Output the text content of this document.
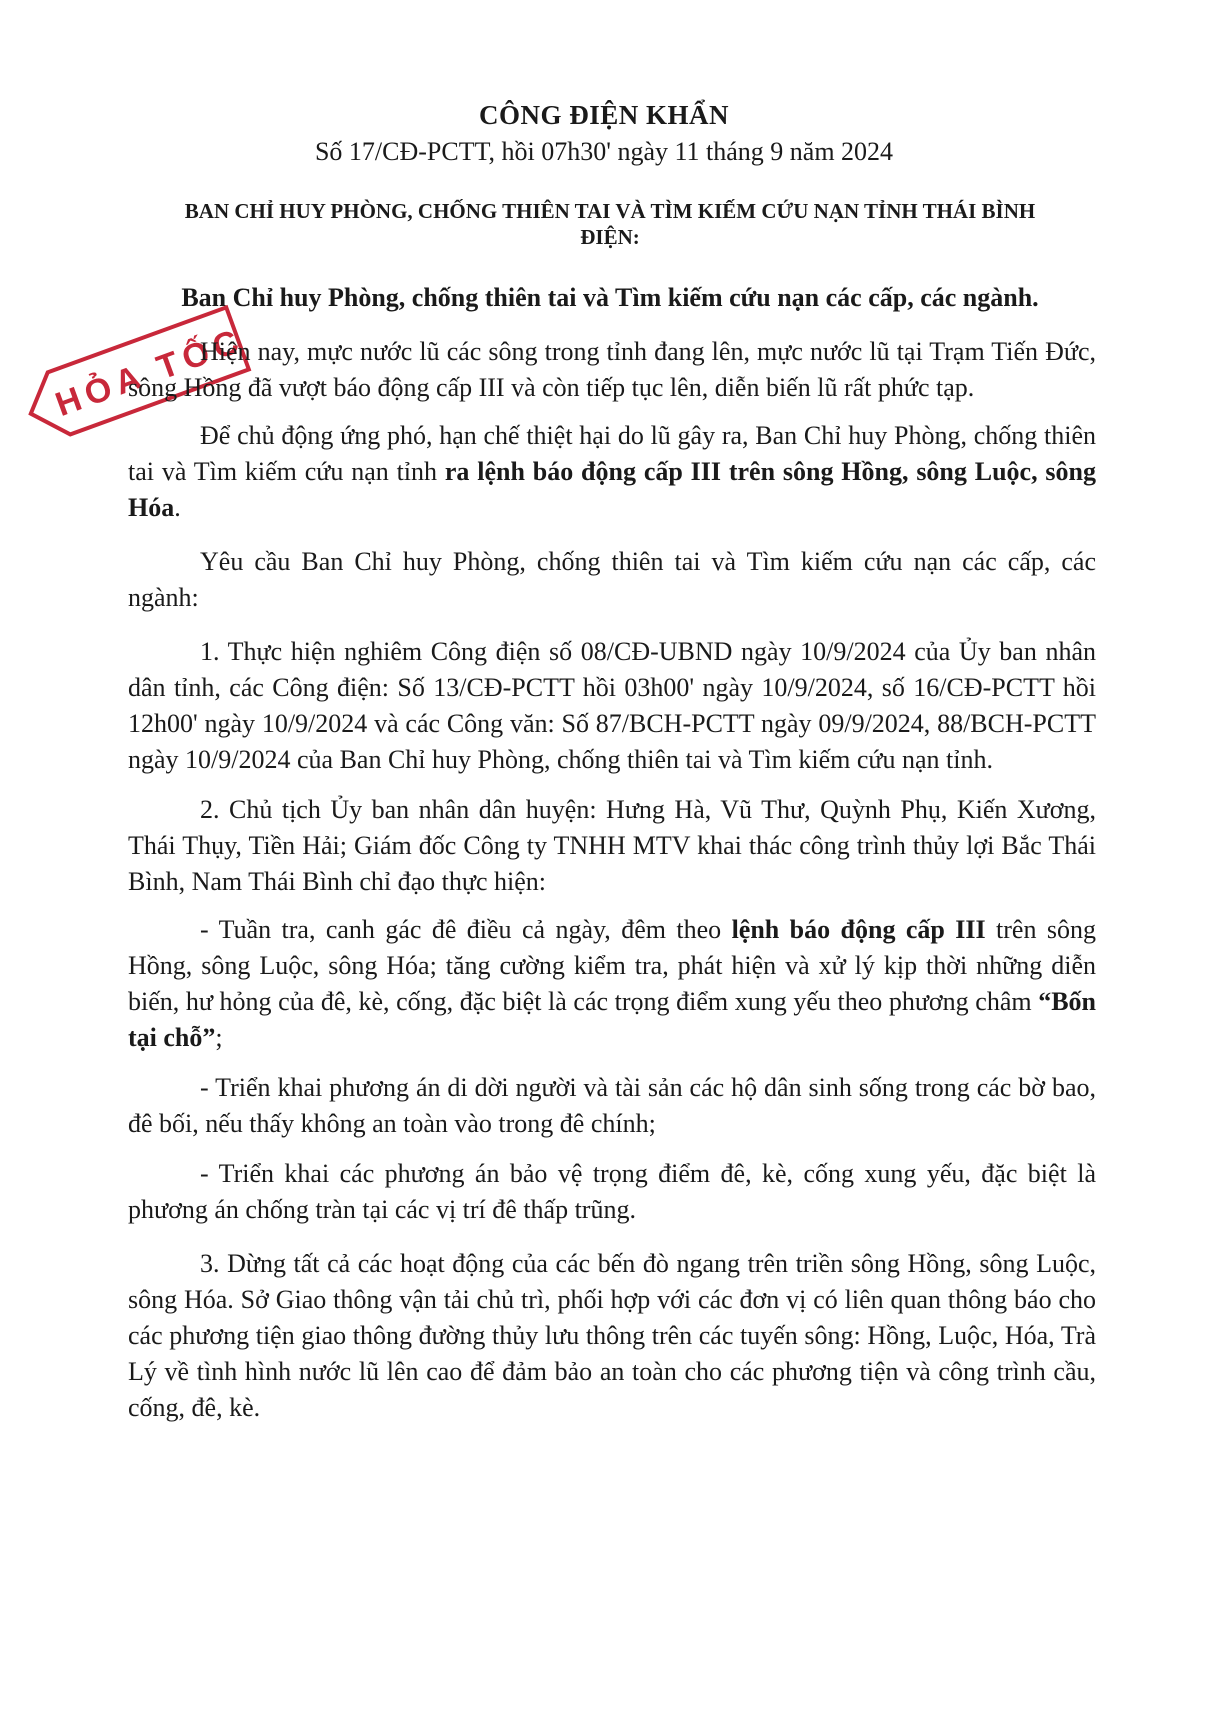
CÔNG ĐIỆN KHẨN
Số 17/CĐ-PCTT, hồi 07h30' ngày 11 tháng 9 năm 2024
BAN CHỈ HUY PHÒNG, CHỐNG THIÊN TAI VÀ TÌM KIẾM CỨU NẠN TỈNH THÁI BÌNH
ĐIỆN:
Ban Chỉ huy Phòng, chống thiên tai và Tìm kiếm cứu nạn các cấp, các ngành.
HỎA TỐC

Hiện nay, mực nước lũ các sông trong tỉnh đang lên, mực nước lũ tại Trạm Tiến Đức, sông Hồng đã vượt báo động cấp III và còn tiếp tục lên, diễn biến lũ rất phức tạp.

Để chủ động ứng phó, hạn chế thiệt hại do lũ gây ra, Ban Chỉ huy Phòng, chống thiên tai và Tìm kiếm cứu nạn tỉnh ra lệnh báo động cấp III trên sông Hồng, sông Luộc, sông Hóa.

Yêu cầu Ban Chỉ huy Phòng, chống thiên tai và Tìm kiếm cứu nạn các cấp, các ngành:

1. Thực hiện nghiêm Công điện số 08/CĐ-UBND ngày 10/9/2024 của Ủy ban nhân dân tỉnh, các Công điện: Số 13/CĐ-PCTT hồi 03h00' ngày 10/9/2024, số 16/CĐ-PCTT hồi 12h00' ngày 10/9/2024 và các Công văn: Số 87/BCH-PCTT ngày 09/9/2024, 88/BCH-PCTT ngày 10/9/2024 của Ban Chỉ huy Phòng, chống thiên tai và Tìm kiếm cứu nạn tỉnh.

2. Chủ tịch Ủy ban nhân dân huyện: Hưng Hà, Vũ Thư, Quỳnh Phụ, Kiến Xương, Thái Thụy, Tiền Hải; Giám đốc Công ty TNHH MTV khai thác công trình thủy lợi Bắc Thái Bình, Nam Thái Bình chỉ đạo thực hiện:

- Tuần tra, canh gác đê điều cả ngày, đêm theo lệnh báo động cấp III trên sông Hồng, sông Luộc, sông Hóa; tăng cường kiểm tra, phát hiện và xử lý kịp thời những diễn biến, hư hỏng của đê, kè, cống, đặc biệt là các trọng điểm xung yếu theo phương châm “Bốn tại chỗ”;

- Triển khai phương án di dời người và tài sản các hộ dân sinh sống trong các bờ bao, đê bối, nếu thấy không an toàn vào trong đê chính;

- Triển khai các phương án bảo vệ trọng điểm đê, kè, cống xung yếu, đặc biệt là phương án chống tràn tại các vị trí đê thấp trũng.

3. Dừng tất cả các hoạt động của các bến đò ngang trên triền sông Hồng, sông Luộc, sông Hóa. Sở Giao thông vận tải chủ trì, phối hợp với các đơn vị có liên quan thông báo cho các phương tiện giao thông đường thủy lưu thông trên các tuyến sông: Hồng, Luộc, Hóa, Trà Lý về tình hình nước lũ lên cao để đảm bảo an toàn cho các phương tiện và công trình cầu, cống, đê, kè.
